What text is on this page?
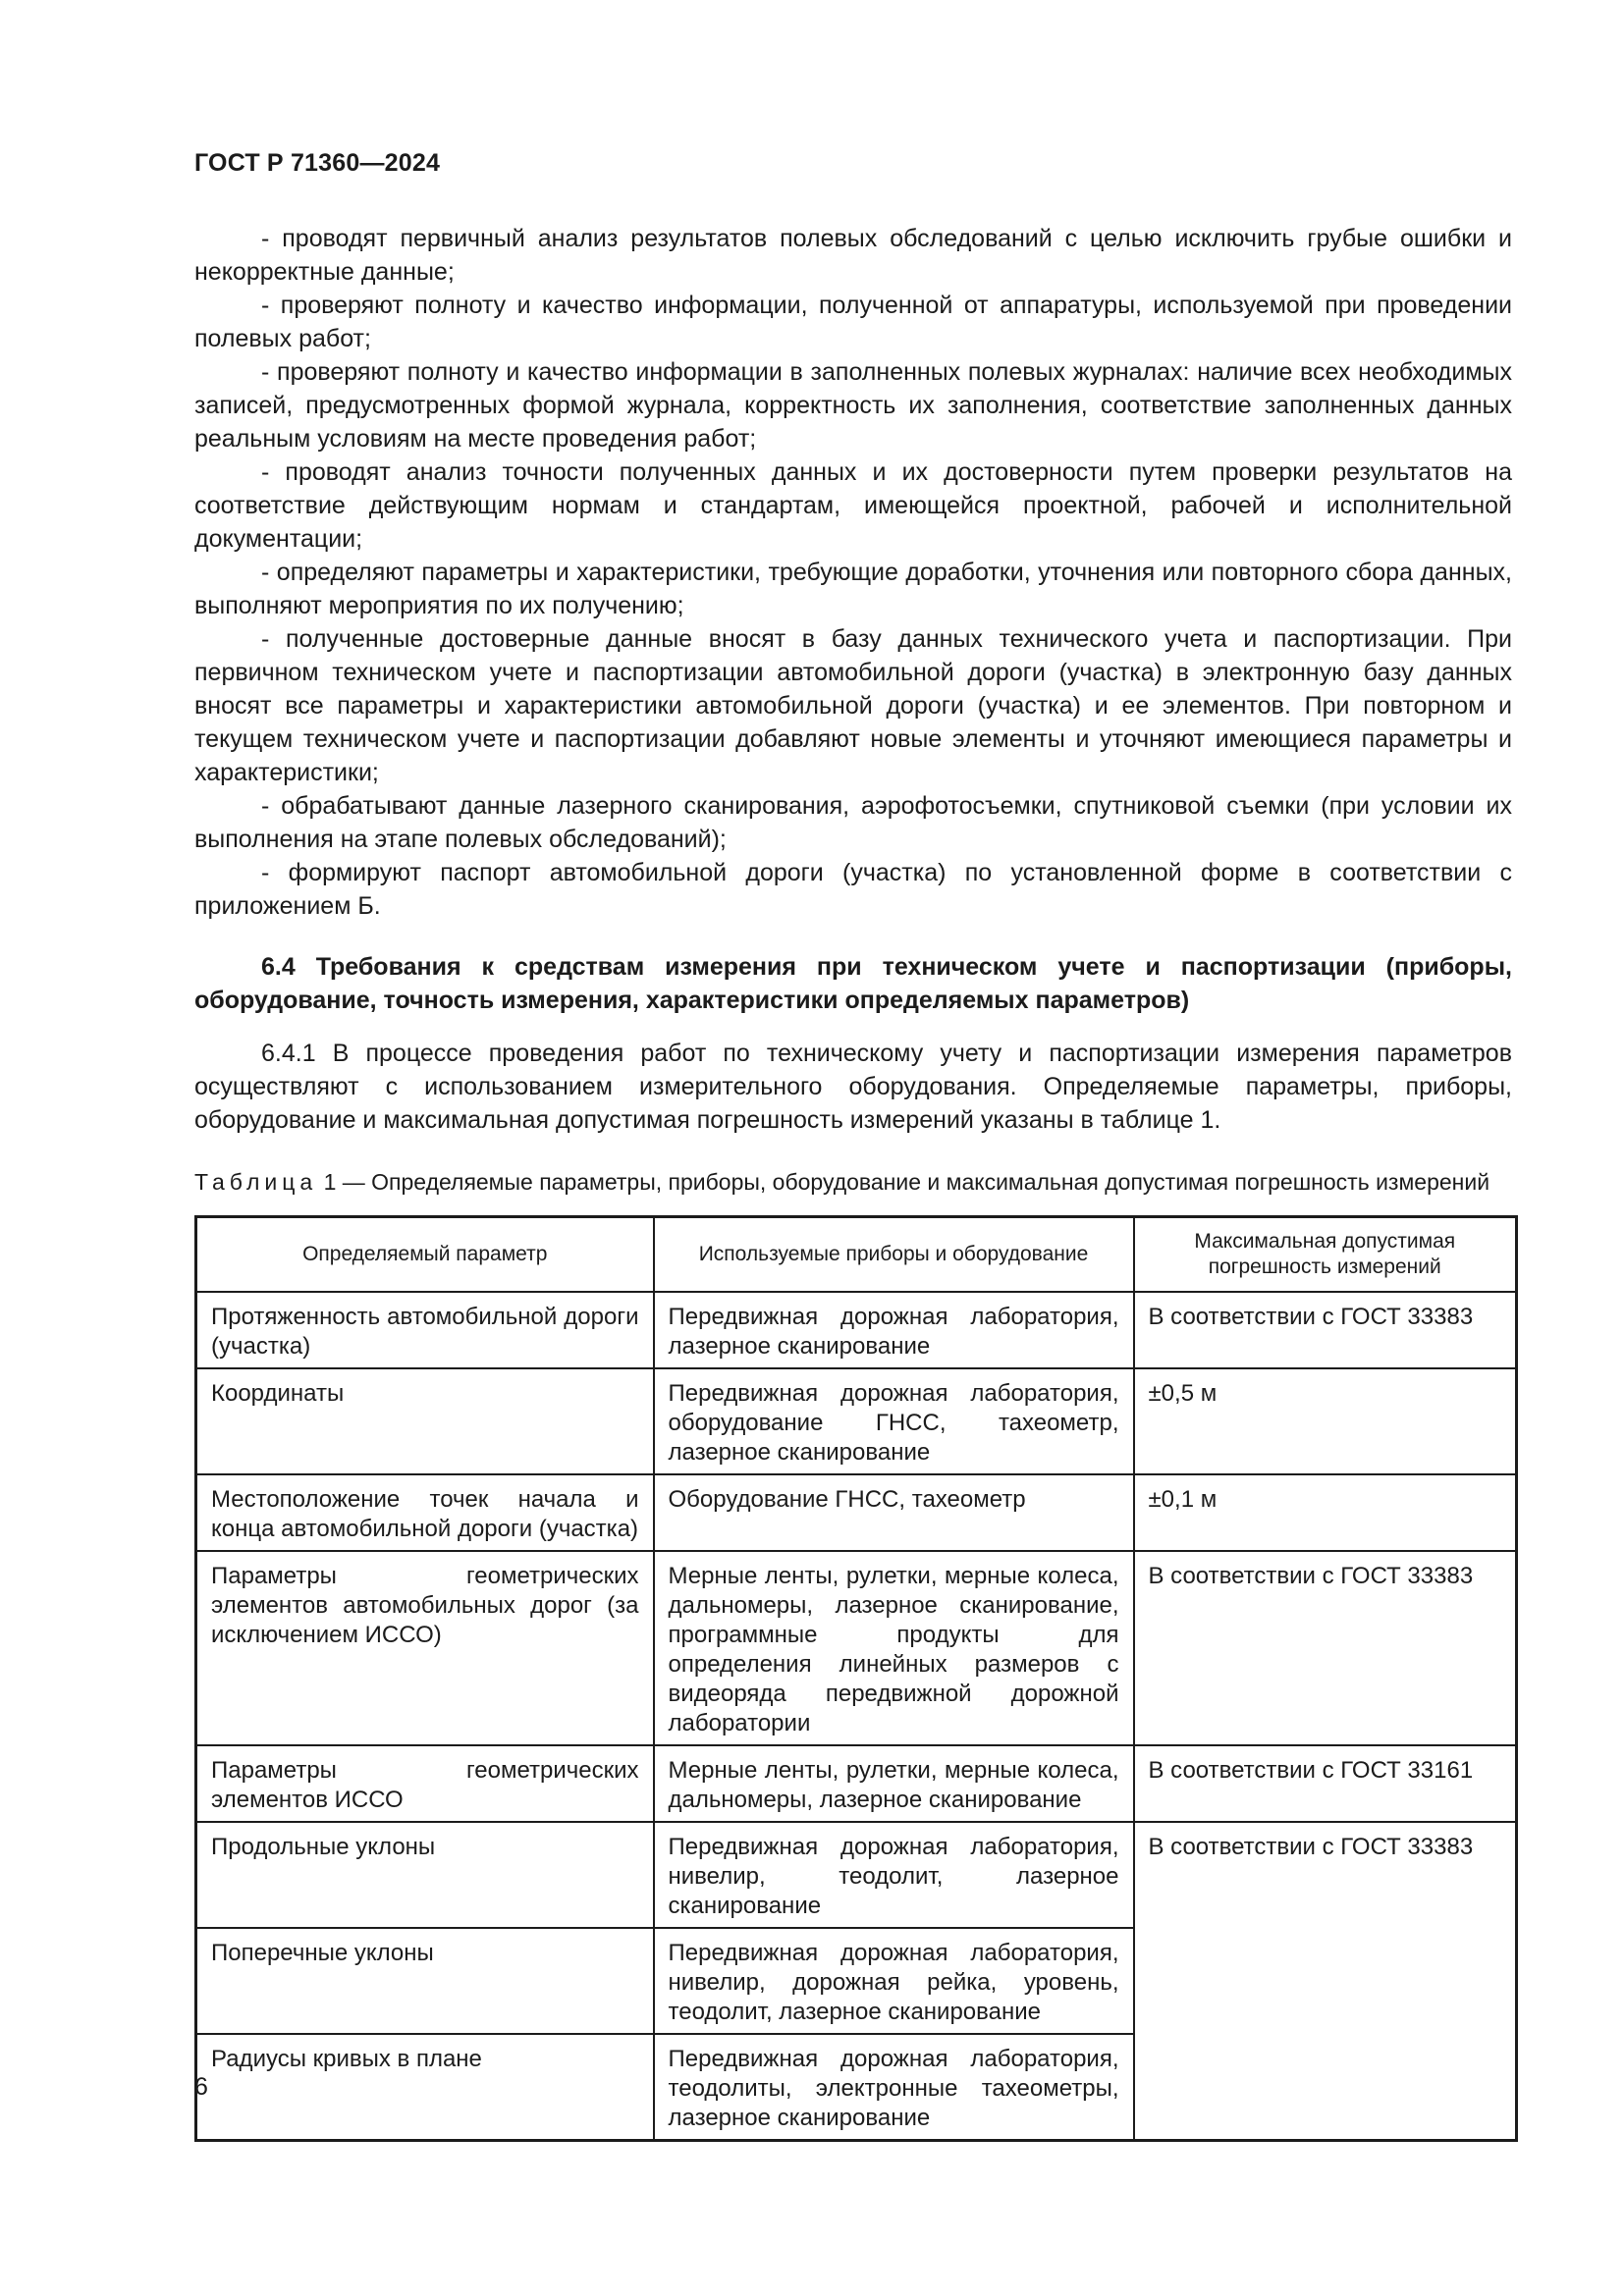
ГОСТ Р 71360—2024

- проводят первичный анализ результатов полевых обследований с целью исключить грубые ошибки и некорректные данные;

- проверяют полноту и качество информации, полученной от аппаратуры, используемой при проведении полевых работ;

- проверяют полноту и качество информации в заполненных полевых журналах: наличие всех необходимых записей, предусмотренных формой журнала, корректность их заполнения, соответствие заполненных данных реальным условиям на месте проведения работ;

- проводят анализ точности полученных данных и их достоверности путем проверки результатов на соответствие действующим нормам и стандартам, имеющейся проектной, рабочей и исполнительной документации;

- определяют параметры и характеристики, требующие доработки, уточнения или повторного сбора данных, выполняют мероприятия по их получению;

- полученные достоверные данные вносят в базу данных технического учета и паспортизации. При первичном техническом учете и паспортизации автомобильной дороги (участка) в электронную базу данных вносят все параметры и характеристики автомобильной дороги (участка) и ее элементов. При повторном и текущем техническом учете и паспортизации добавляют новые элементы и уточняют имеющиеся параметры и характеристики;

- обрабатывают данные лазерного сканирования, аэрофотосъемки, спутниковой съемки (при условии их выполнения на этапе полевых обследований);

- формируют паспорт автомобильной дороги (участка) по установленной форме в соответствии с приложением Б.

6.4 Требования к средствам измерения при техническом учете и паспортизации (приборы, оборудование, точность измерения, характеристики определяемых параметров)

6.4.1 В процессе проведения работ по техническому учету и паспортизации измерения параметров осуществляют с использованием измерительного оборудования. Определяемые параметры, приборы, оборудование и максимальная допустимая погрешность измерений указаны в таблице 1.

Таблица 1 — Определяемые параметры, приборы, оборудование и максимальная допустимая погрешность измерений

Определяемый параметр	Используемые приборы и оборудование	Максимальная допустимая погрешность измерений
Протяженность автомобильной дороги (участка)	Передвижная дорожная лаборатория, лазерное сканирование	В соответствии с ГОСТ 33383
Координаты	Передвижная дорожная лаборатория, оборудование ГНСС, тахеометр, лазерное сканирование	±0,5 м
Местоположение точек начала и конца автомобильной дороги (участка)	Оборудование ГНСС, тахеометр	±0,1 м
Параметры геометрических элементов автомобильных дорог (за исключением ИССО)	Мерные ленты, рулетки, мерные колеса, дальномеры, лазерное сканирование, программные продукты для определения линейных размеров с видеоряда передвижной дорожной лаборатории	В соответствии с ГОСТ 33383
Параметры геометрических элементов ИССО	Мерные ленты, рулетки, мерные колеса, дальномеры, лазерное сканирование	В соответствии с ГОСТ 33161
Продольные уклоны	Передвижная дорожная лаборатория, нивелир, теодолит, лазерное сканирование	В соответствии с ГОСТ 33383
Поперечные уклоны	Передвижная дорожная лаборатория, нивелир, дорожная рейка, уровень, теодолит, лазерное сканирование	
Радиусы кривых в плане	Передвижная дорожная лаборатория, теодолиты, электронные тахеометры, лазерное сканирование	
6
